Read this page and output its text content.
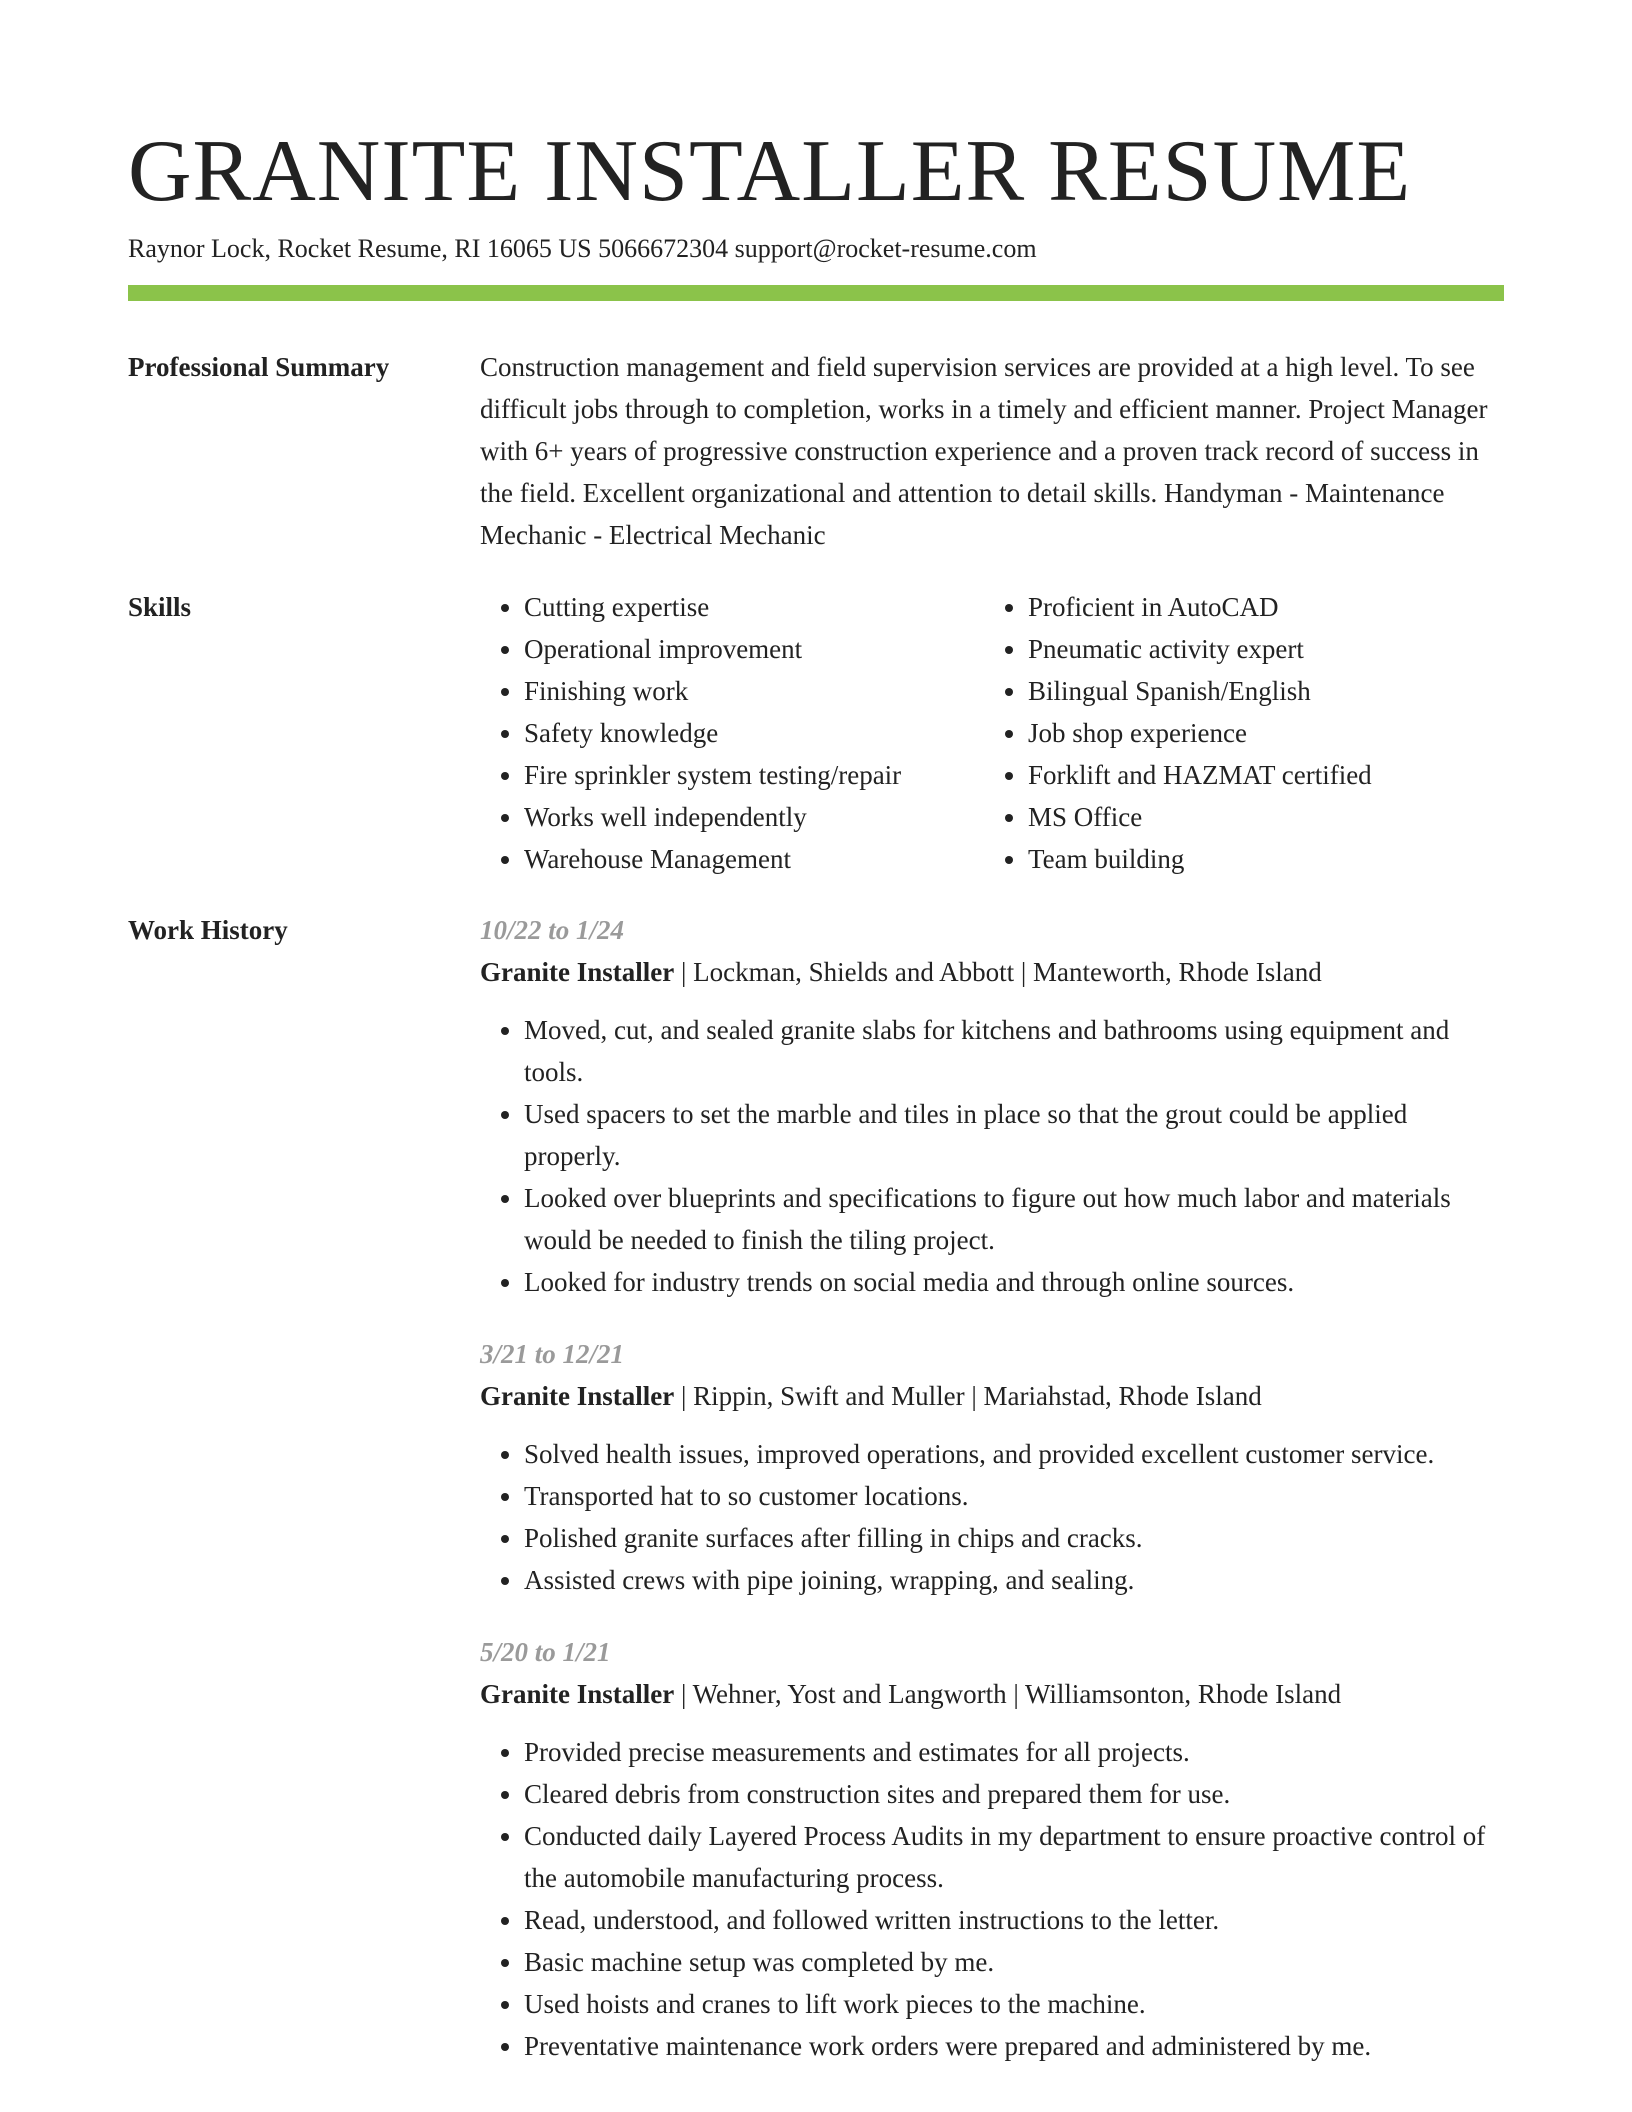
GRANITE INSTALLER RESUME
Raynor Lock, Rocket Resume, RI 16065 US 5066672304 support@rocket-resume.com
Professional Summary	Construction management and field supervision services are provided at a high level. To see difficult jobs through to completion, works in a timely and efficient manner. Project Manager with 6+ years of progressive construction experience and a proven track record of success in the field. Excellent organizational and attention to detail skills. Handyman - Maintenance Mechanic - Electrical Mechanic

Skills
•	Cutting expertise
• Operational improvement
• Finishing work
• Safety knowledge
• Fire sprinkler system testing/repair
• Works well independently
• Warehouse Management
• Proficient in AutoCAD
• Pneumatic activity expert
• Bilingual Spanish/English
• Job shop experience
• Forklift and HAZMAT certified
• MS Office
• Team building
Work History	10/22 to 1/24
Granite Installer | Lockman, Shields and Abbott | Manteworth, Rhode Island
• Moved, cut, and sealed granite slabs for kitchens and bathrooms using equipment and tools.
• Used spacers to set the marble and tiles in place so that the grout could be applied properly.
• Looked over blueprints and specifications to figure out how much labor and materials would be needed to finish the tiling project.
• Looked for industry trends on social media and through online sources.
3/21 to 12/21
Granite Installer | Rippin, Swift and Muller | Mariahstad, Rhode Island
• Solved health issues, improved operations, and provided excellent customer service.
• Transported hat to so customer locations.
• Polished granite surfaces after filling in chips and cracks.
• Assisted crews with pipe joining, wrapping, and sealing.
5/20 to 1/21
Granite Installer | Wehner, Yost and Langworth | Williamsonton, Rhode Island
• Provided precise measurements and estimates for all projects.
• Cleared debris from construction sites and prepared them for use.
• Conducted daily Layered Process Audits in my department to ensure proactive control of the automobile manufacturing process.
• Read, understood, and followed written instructions to the letter.
• Basic machine setup was completed by me.
• Used hoists and cranes to lift work pieces to the machine.
• Preventative maintenance work orders were prepared and administered by me.
